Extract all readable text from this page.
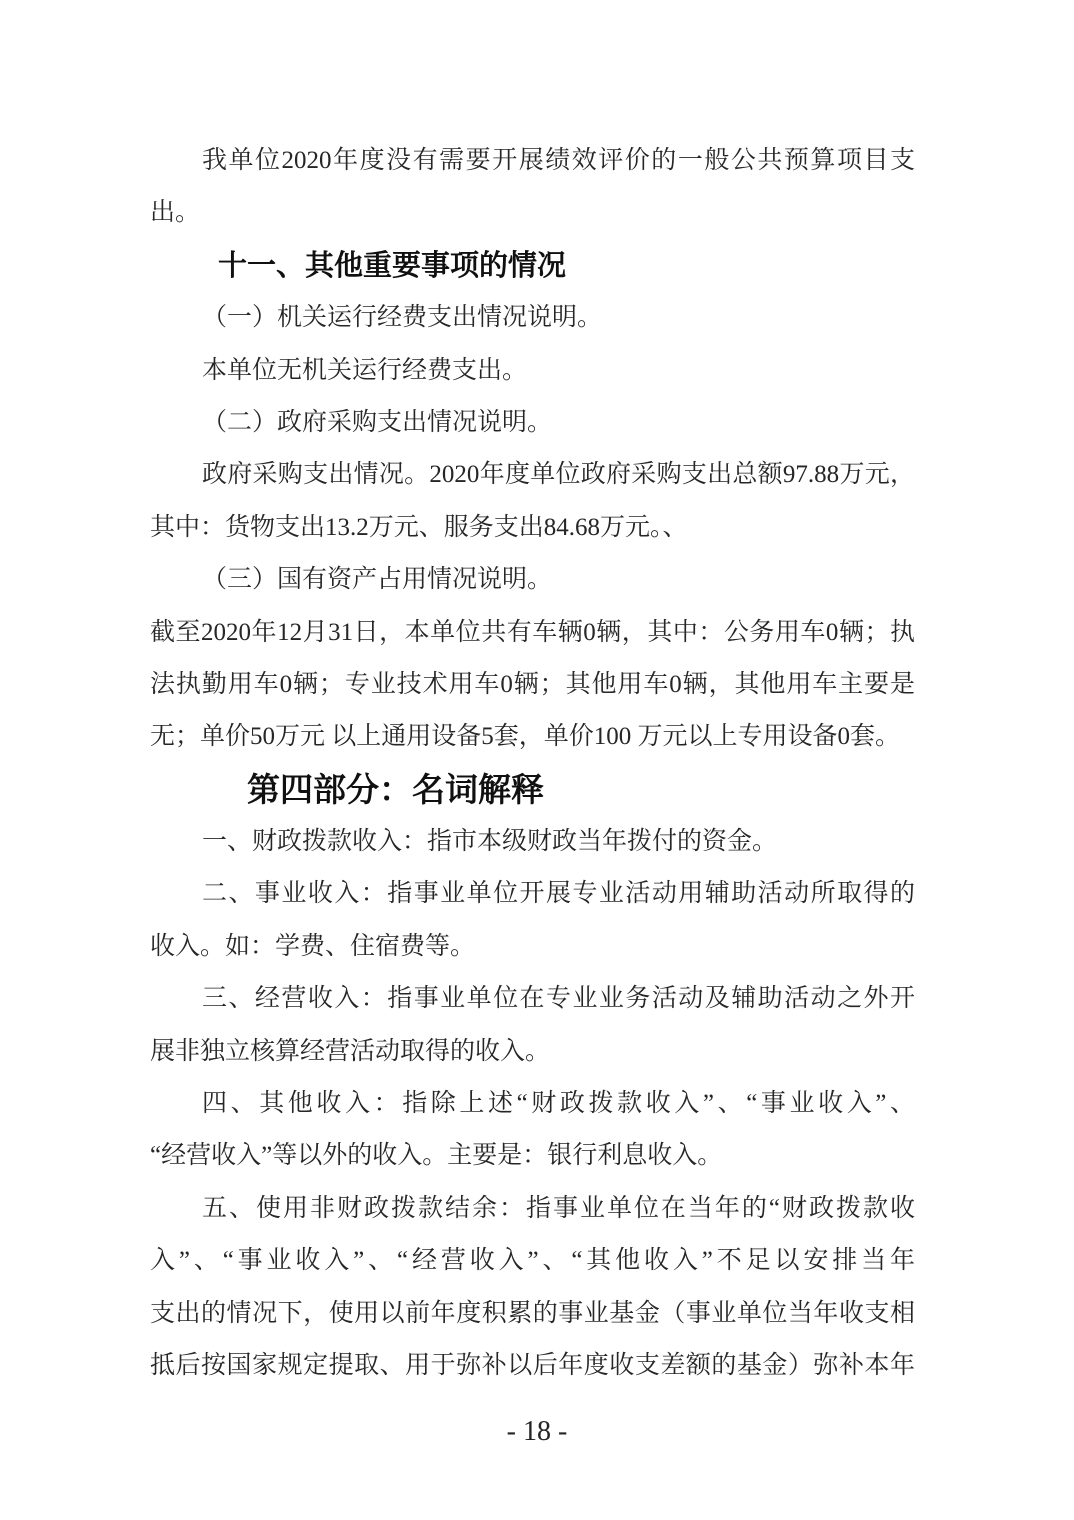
我单位2020年度没有需要开展绩效评价的一般公共预算项目支
出。
十一、其他重要事项的情况
（一）机关运行经费支出情况说明。
本单位无机关运行经费支出。
（二）政府采购支出情况说明。
政府采购支出情况。2020年度单位政府采购支出总额97.88万元，
其中：货物支出13.2万元、服务支出84.68万元。、
（三）国有资产占用情况说明。
截至2020年12月31日，本单位共有车辆0辆，其中：公务用车0辆；执
法执勤用车0辆；专业技术用车0辆；其他用车0辆，其他用车主要是
无；单价50万元 以上通用设备5套，单价100 万元以上专用设备0套。
第四部分：名词解释
一、财政拨款收入：指市本级财政当年拨付的资金。
二、事业收入：指事业单位开展专业活动用辅助活动所取得的
收入。如：学费、住宿费等。
三、经营收入：指事业单位在专业业务活动及辅助活动之外开
展非独立核算经营活动取得的收入。
四、其他收入：指除上述“财政拨款收入”、“事业收入”、
“经营收入”等以外的收入。主要是：银行利息收入。
五、使用非财政拨款结余：指事业单位在当年的“财政拨款收
入”、“事业收入”、“经营收入”、“其他收入”不足以安排当年
支出的情况下，使用以前年度积累的事业基金（事业单位当年收支相
抵后按国家规定提取、用于弥补以后年度收支差额的基金）弥补本年
- 18 -
